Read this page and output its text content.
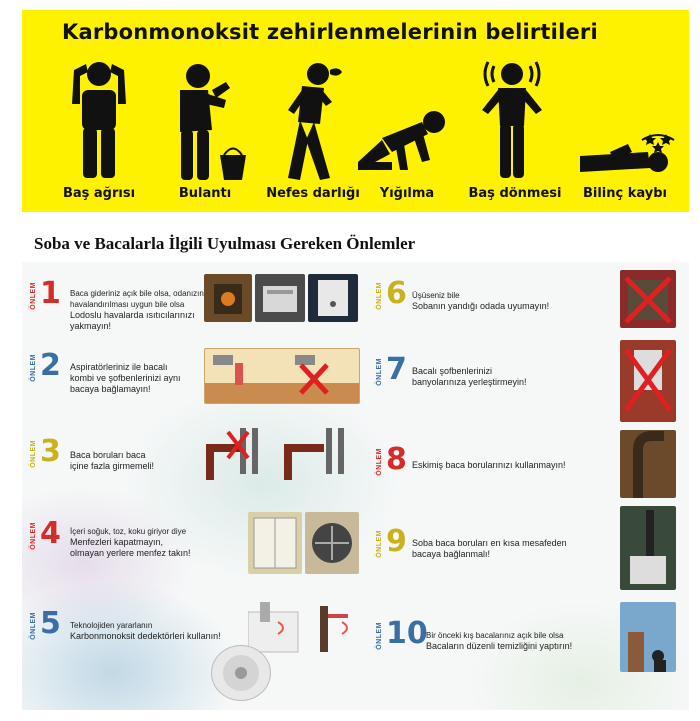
Karbonmonoksit zehirlenmelerinin belirtileri
Baş ağrısı	Bulantı	Nefes darlığı	Yığılma	Baş dönmesi	Bilinç kaybı
Soba ve Bacalarla İlgili Uyulması Gereken Önlemler
ÖNLEM 1 Baca gideriniz açık bile olsa, odanızın
havalandırılması uygun bile olsa
Lodoslu havalarda ısıtıcılarınızı
yakmayın!
ÖNLEM 2 Aspiratörleriniz ile bacalı
kombi ve şofbenlerinizi aynı
bacaya bağlamayın!
ÖNLEM 3 Baca boruları baca
içine fazla girmemeli!
ÖNLEM 4 İçeri soğuk, toz, koku giriyor diye
Menfezleri kapatmayın,
olmayan yerlere menfez takın!
ÖNLEM 5 Teknolojiden yararlanın
Karbonmonoksit dedektörleri kullanın!
ÖNLEM 6 Üşüseniz bile
Sobanın yandığı odada uyumayın!
ÖNLEM 7 Bacalı şofbenlerinizi
banyolarınıza yerleştirmeyin!
ÖNLEM 8 Eskimiş baca borularınızı kullanmayın!
ÖNLEM 9 Soba baca boruları en kısa mesafeden
bacaya bağlanmalı!
ÖNLEM 10
Bir önceki kış bacalarınız açık bile olsa
Bacaların düzenli temizliğini yaptırın!
